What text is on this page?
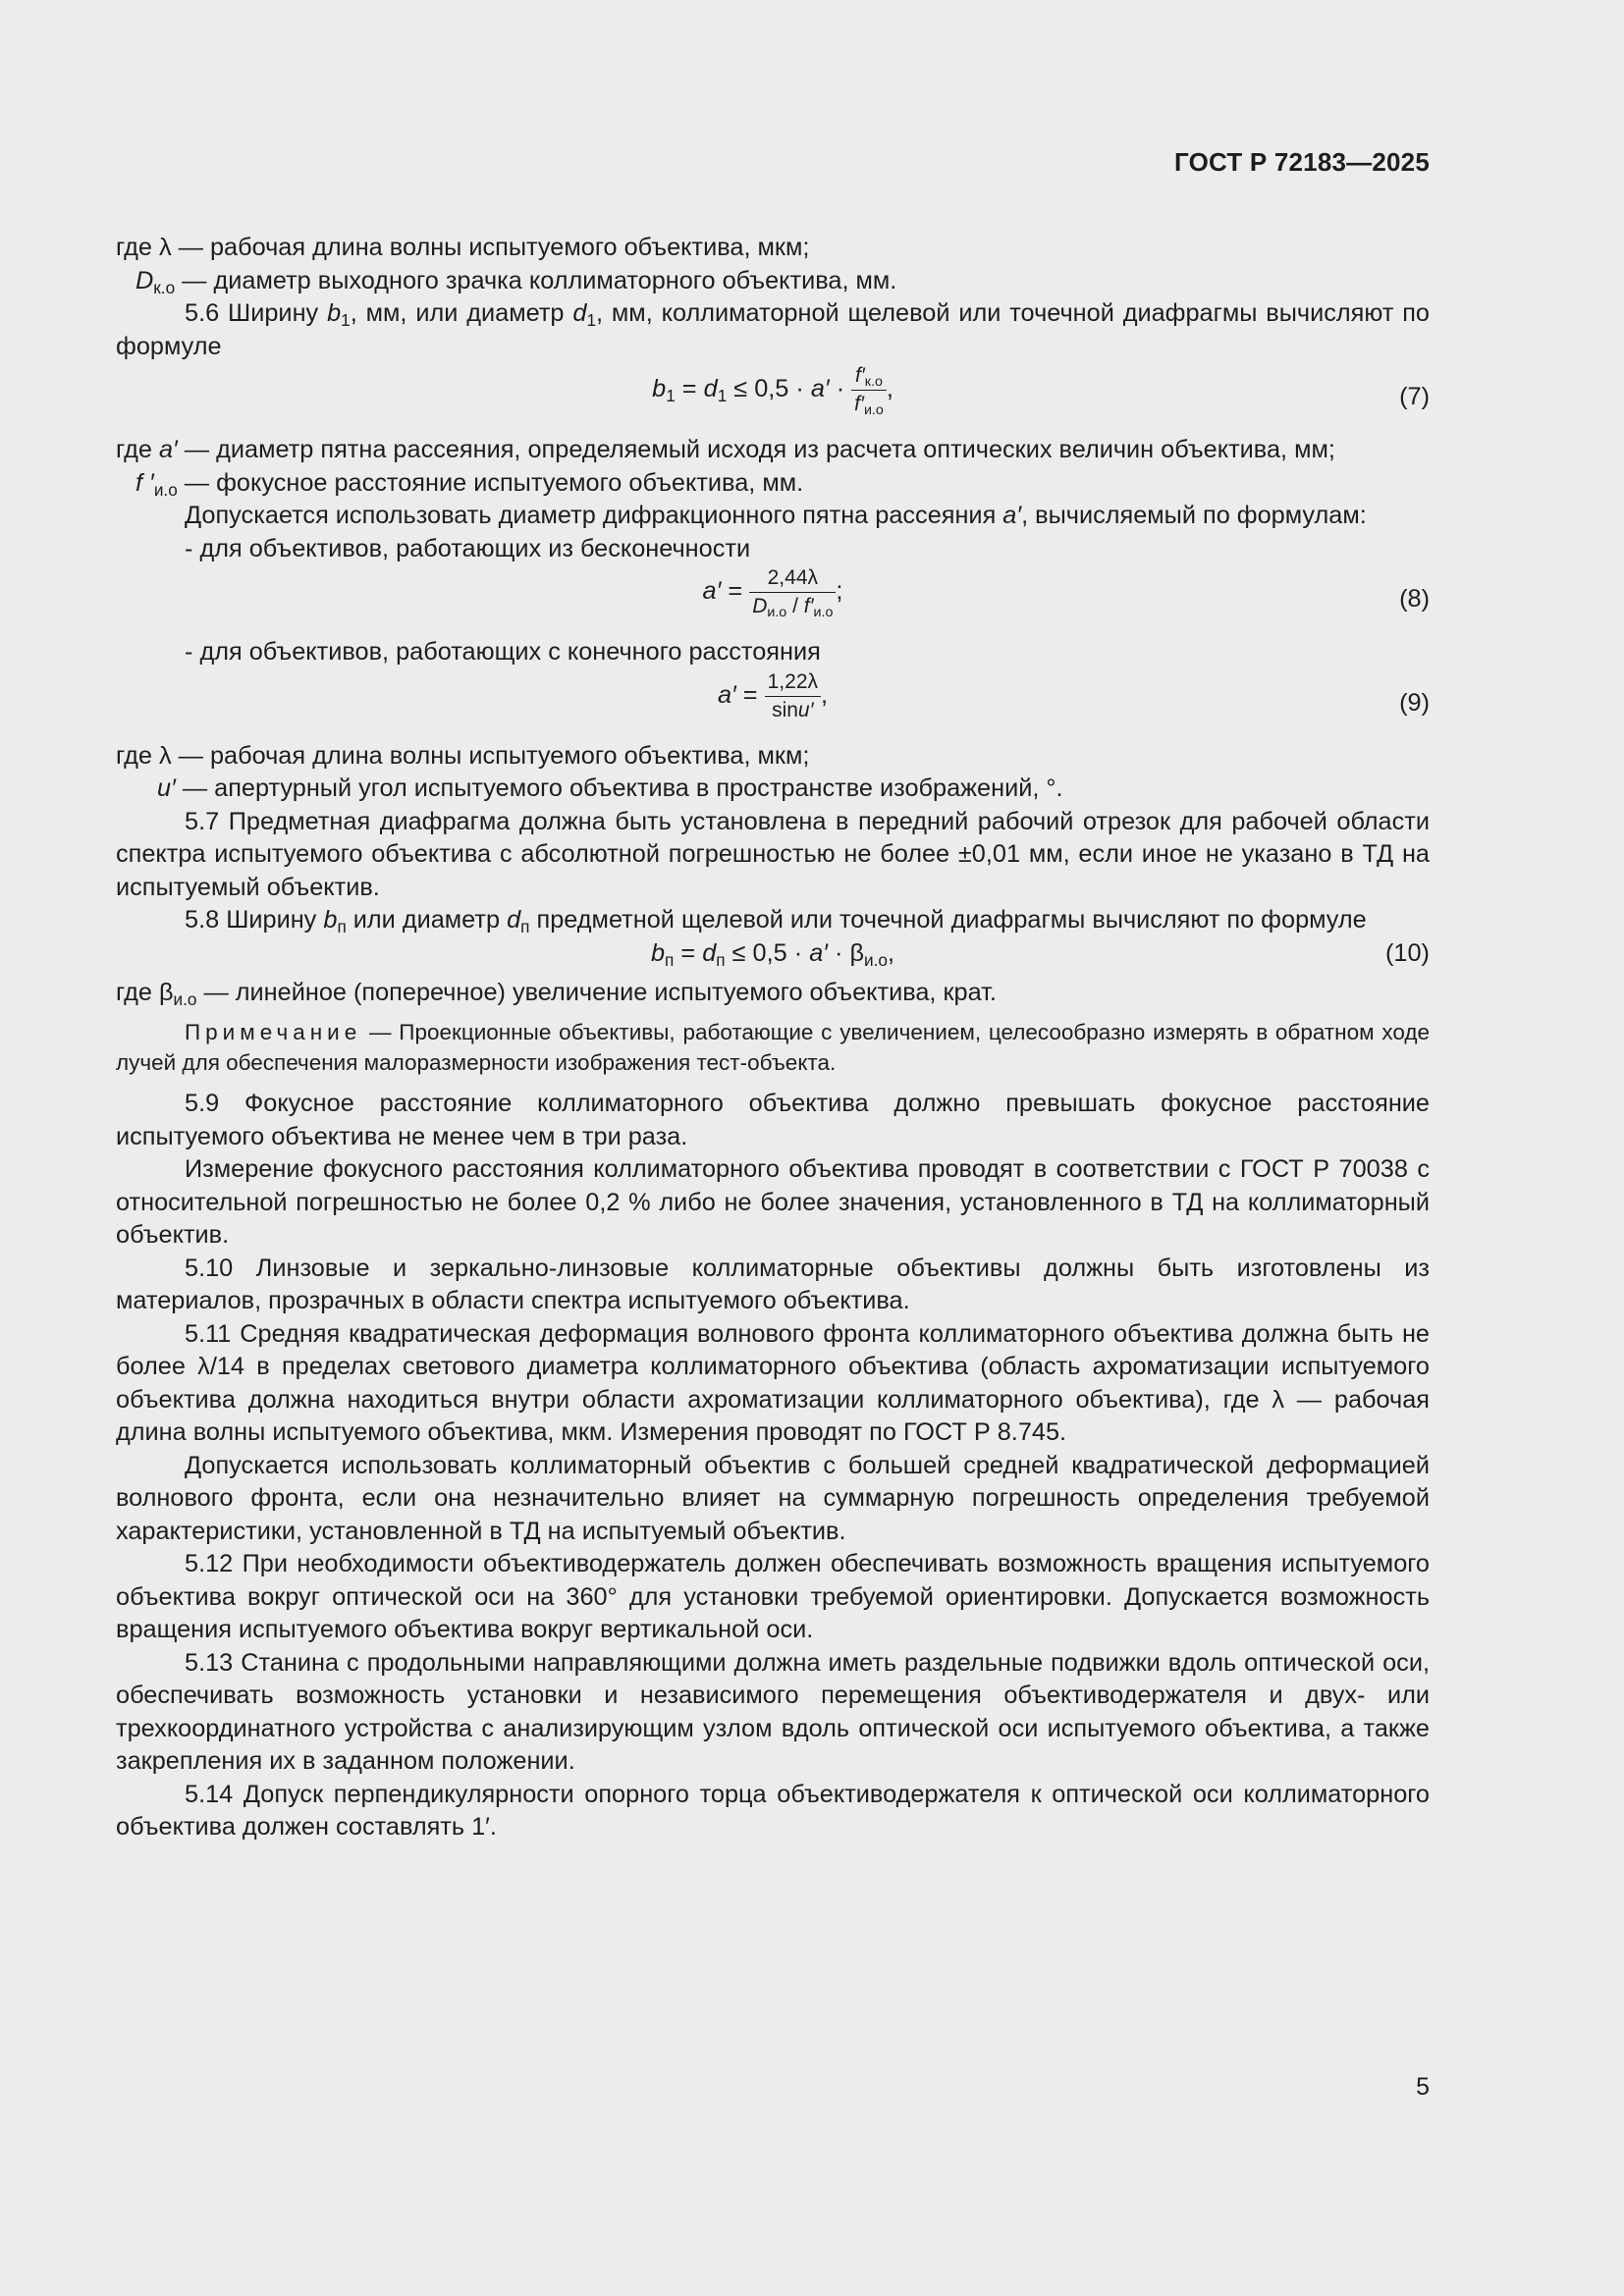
ГОСТ Р 72183—2025

где λ — рабочая длина волны испытуемого объектива, мкм;

$D_{к.о}$ — диаметр выходного зрачка коллиматорного объектива, мм.

5.6 Ширину $b_1$, мм, или диаметр $d_1$, мм, коллиматорной щелевой или точечной диафрагмы вычисляют по формуле

$b_1 = d_1 \le 0,5 \cdot a' \cdot \frac{f'_{к.о}}{f'_{и.о}}$ ,	(7)

где a′ — диаметр пятна рассеяния, определяемый исходя из расчета оптических величин объектива, мм;

f $'_{и.о}$ — фокусное расстояние испытуемого объектива, мм.

Допускается использовать диаметр дифракционного пятна рассеяния a′, вычисляемый по формулам:

- для объективов, работающих из бесконечности

$a' = \frac{2,44\lambda}{D_{и.о} / f'_{и.о}}$ ;	(8)

- для объективов, работающих с конечного расстояния

$a' = \frac{1,22\lambda}{\sin u'}$ ,	(9)

где λ — рабочая длина волны испытуемого объектива, мкм;

u′ — апертурный угол испытуемого объектива в пространстве изображений, °.

5.7 Предметная диафрагма должна быть установлена в передний рабочий отрезок для рабочей области спектра испытуемого объектива с абсолютной погрешностью не более ±0,01 мм, если иное не указано в ТД на испытуемый объектив.

5.8 Ширину $b_п$ или диаметр $d_п$ предметной щелевой или точечной диафрагмы вычисляют по формуле

$b_п = d_п \le 0,5 \cdot a' \cdot \beta_{и.о}$,	(10)

где $\beta_{и.о}$ — линейное (поперечное) увеличение испытуемого объектива, крат.

Примечание — Проекционные объективы, работающие с увеличением, целесообразно измерять в обратном ходе лучей для обеспечения малоразмерности изображения тест-объекта.

5.9 Фокусное расстояние коллиматорного объектива должно превышать фокусное расстояние испытуемого объектива не менее чем в три раза.

Измерение фокусного расстояния коллиматорного объектива проводят в соответствии с ГОСТ Р 70038 с относительной погрешностью не более 0,2 % либо не более значения, установленного в ТД на коллиматорный объектив.

5.10 Линзовые и зеркально-линзовые коллиматорные объективы должны быть изготовлены из материалов, прозрачных в области спектра испытуемого объектива.

5.11 Средняя квадратическая деформация волнового фронта коллиматорного объектива должна быть не более λ/14 в пределах светового диаметра коллиматорного объектива (область ахроматизации испытуемого объектива должна находиться внутри области ахроматизации коллиматорного объектива), где λ — рабочая длина волны испытуемого объектива, мкм. Измерения проводят по ГОСТ Р 8.745.

Допускается использовать коллиматорный объектив с большей средней квадратической деформацией волнового фронта, если она незначительно влияет на суммарную погрешность определения требуемой характеристики, установленной в ТД на испытуемый объектив.

5.12 При необходимости объективодержатель должен обеспечивать возможность вращения испытуемого объектива вокруг оптической оси на 360° для установки требуемой ориентировки. Допускается возможность вращения испытуемого объектива вокруг вертикальной оси.

5.13 Станина с продольными направляющими должна иметь раздельные подвижки вдоль оптической оси, обеспечивать возможность установки и независимого перемещения объективодержателя и двух- или трехкоординатного устройства с анализирующим узлом вдоль оптической оси испытуемого объектива, а также закрепления их в заданном положении.

5.14 Допуск перпендикулярности опорного торца объективодержателя к оптической оси коллиматорного объектива должен составлять 1′.

5
